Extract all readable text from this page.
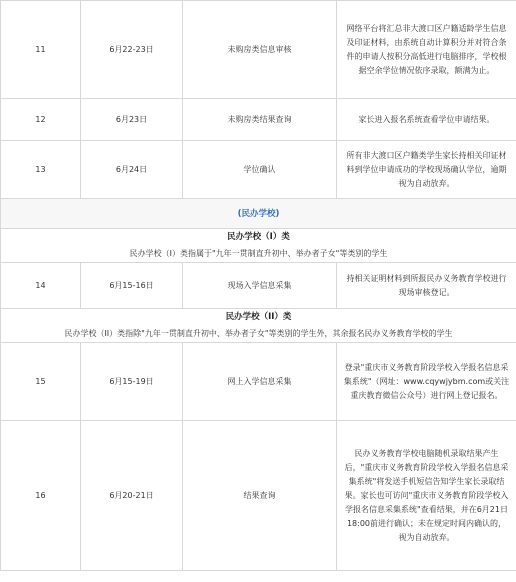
11	6月22-23日	未购房类信息审核	网络平台将汇总非大渡口区户籍适龄学生信息及印证材料，由系统自动计算积分并对符合条件的申请人按积分高低进行电脑排序，学校根据空余学位情况依序录取，额满为止。
12	6月23日	未购房类结果查询	家长进入报名系统查看学位申请结果。
13	6月24日	学位确认	所有非大渡口区户籍类学生家长持相关印证材料到学位申请成功的学校现场确认学位，逾期视为自动放弃。
(民办学校)			
民办学校（I）类			
民办学校（I）类指属于"九年一贯制直升初中、举办者子女"等类别的学生			
14	6月15-16日	现场入学信息采集	持相关证明材料到所报民办义务教育学校进行现场审核登记。
民办学校（II）类			
民办学校（II）类指除"九年一贯制直升初中、举办者子女"等类别的学生外，其余报名民办义务教育学校的学生			
15	6月15-19日	网上入学信息采集	登录"重庆市义务教育阶段学校入学报名信息采集系统"（网址：www.cqywjybm.com或关注重庆教育微信公众号）进行网上登记报名。
16	6月20-21日	结果查询	民办义务教育学校电脑随机录取结果产生后，"重庆市义务教育阶段学校入学报名信息采集系统"将发送手机短信告知学生家长录取结果。家长也可访问"重庆市义务教育阶段学校入学报名信息采集系统"查看结果，并在6月21日18:00前进行确认；未在规定时间内确认的，视为自动放弃。
